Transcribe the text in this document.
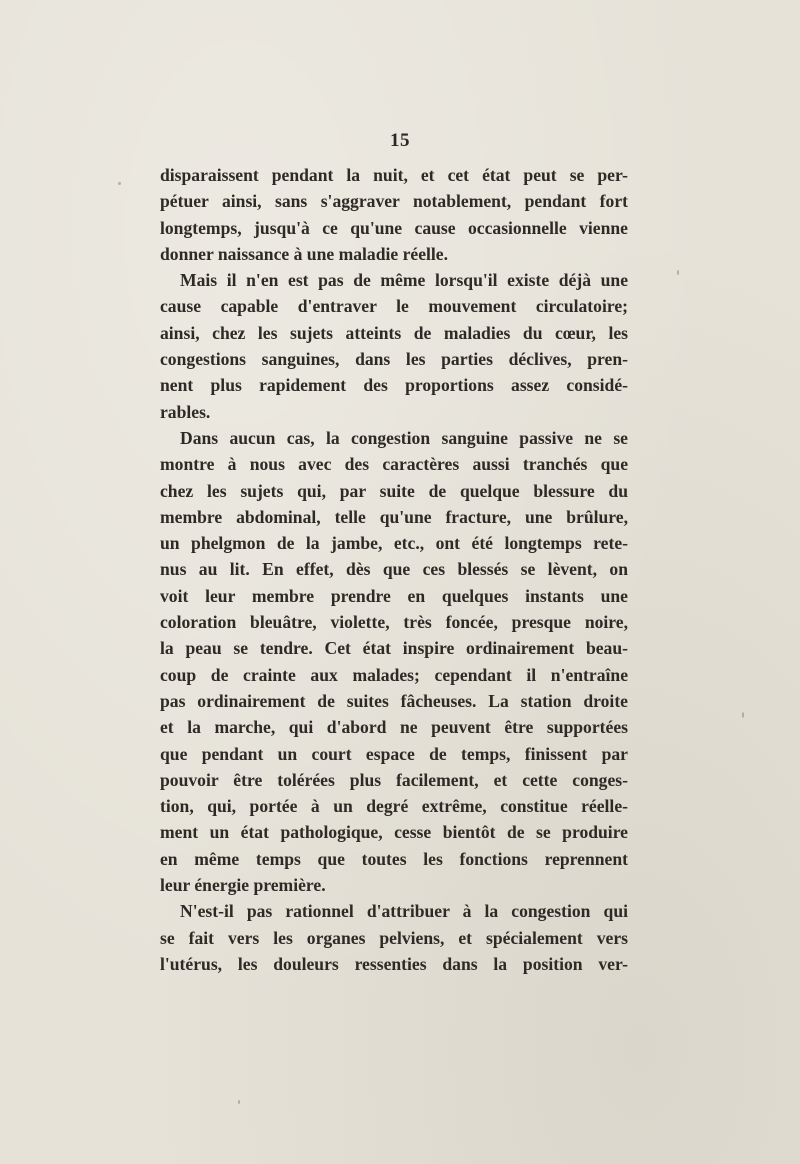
15

disparaissent pendant la nuit, et cet état peut se per-
pétuer ainsi, sans s'aggraver notablement, pendant fort
longtemps, jusqu'à ce qu'une cause occasionnelle vienne
donner naissance à une maladie réelle.

Mais il n'en est pas de même lorsqu'il existe déjà une
cause capable d'entraver le mouvement circulatoire;
ainsi, chez les sujets atteints de maladies du cœur, les
congestions sanguines, dans les parties déclives, pren-
nent plus rapidement des proportions assez considé-
rables.

Dans aucun cas, la congestion sanguine passive ne se
montre à nous avec des caractères aussi tranchés que
chez les sujets qui, par suite de quelque blessure du
membre abdominal, telle qu'une fracture, une brûlure,
un phelgmon de la jambe, etc., ont été longtemps rete-
nus au lit. En effet, dès que ces blessés se lèvent, on
voit leur membre prendre en quelques instants une
coloration bleuâtre, violette, très foncée, presque noire,
la peau se tendre. Cet état inspire ordinairement beau-
coup de crainte aux malades; cependant il n'entraîne
pas ordinairement de suites fâcheuses. La station droite
et la marche, qui d'abord ne peuvent être supportées
que pendant un court espace de temps, finissent par
pouvoir être tolérées plus facilement, et cette conges-
tion, qui, portée à un degré extrême, constitue réelle-
ment un état pathologique, cesse bientôt de se produire
en même temps que toutes les fonctions reprennent
leur énergie première.

N'est-il pas rationnel d'attribuer à la congestion qui
se fait vers les organes pelviens, et spécialement vers
l'utérus, les douleurs ressenties dans la position ver-
